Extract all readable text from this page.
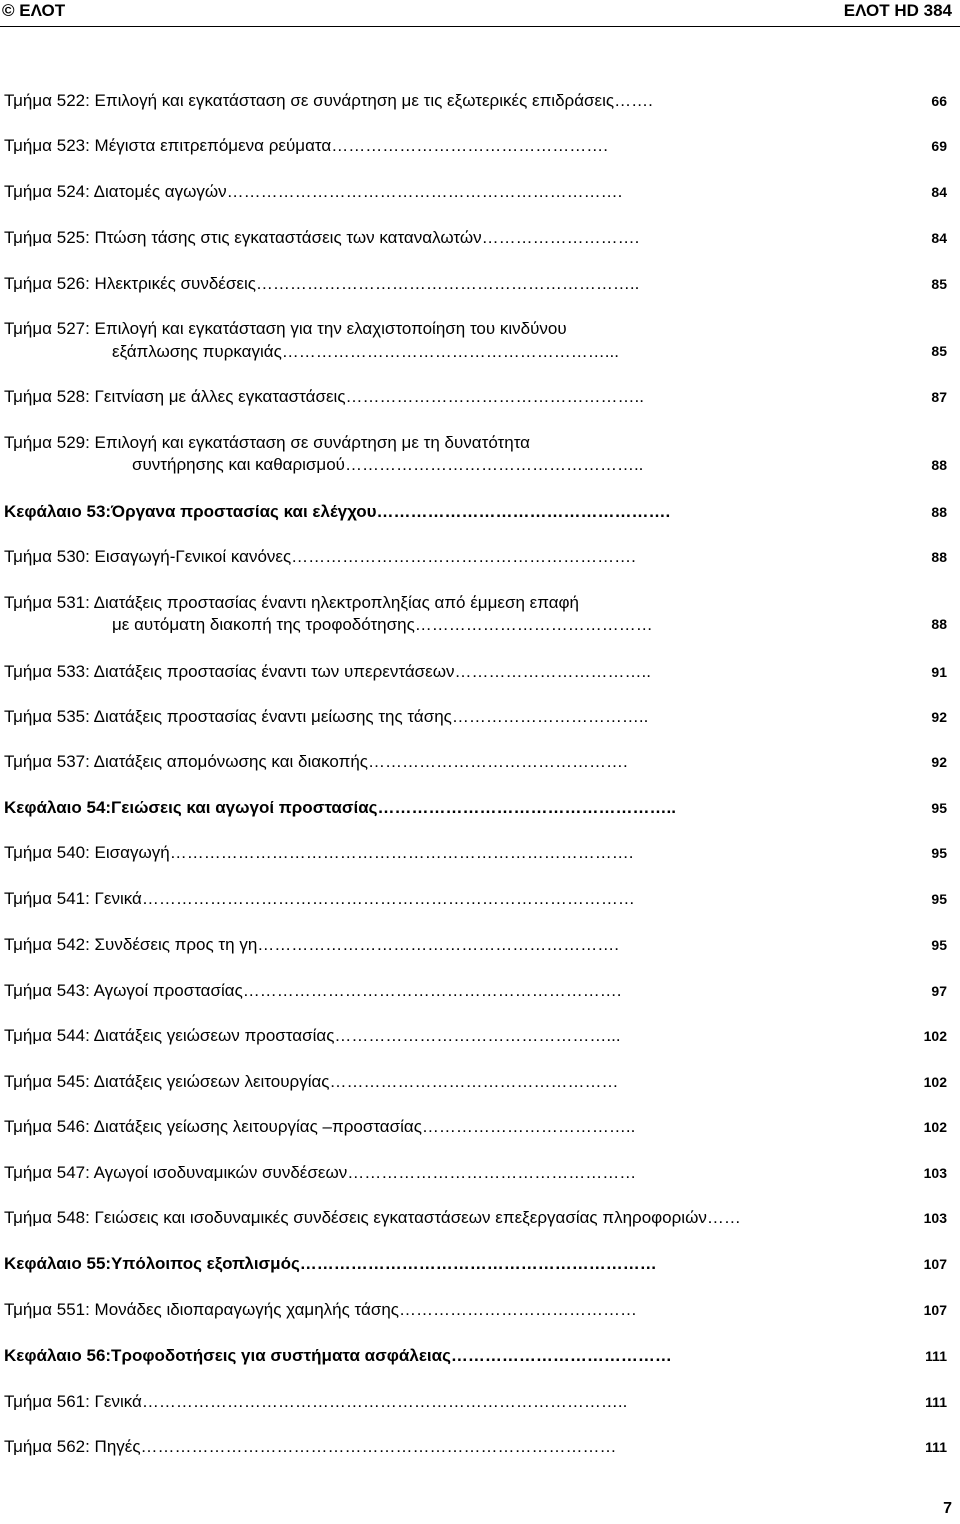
© ΕΛΟΤ	ΕΛΟΤ HD 384
Τμήμα 522: Επιλογή και εγκατάσταση σε συνάρτηση με τις εξωτερικές επιδράσεις…….	66
Τμήμα 523: Μέγιστα επιτρεπόμενα ρεύματα………………………………………….	69
Τμήμα 524: Διατομές αγωγών…………………………………………………………….	84
Τμήμα 525: Πτώση τάσης στις εγκαταστάσεις των καταναλωτών……………………….	84
Τμήμα 526: Ηλεκτρικές συνδέσεις…………………………………………………………..	85
Τμήμα 527: Επιλογή και εγκατάσταση για την ελαχιστοποίηση του κινδύνου
εξάπλωσης πυρκαγιάς…………………………………………………...	85
Τμήμα 528: Γειτνίαση με άλλες εγκαταστάσεις……………………………………………..	87
Τμήμα 529: Επιλογή και εγκατάσταση σε συνάρτηση με τη δυνατότητα
συντήρησης και καθαρισμού……………………………………………..	88
Κεφάλαιο 53:Όργανα προστασίας και ελέγχου…………………………………………….	88
Τμήμα 530: Εισαγωγή-Γενικοί κανόνες…………………………………………………….	88
Τμήμα 531: Διατάξεις προστασίας έναντι ηλεκτροπληξίας από έμμεση επαφή
με αυτόματη διακοπή της τροφοδότησης……………………………………	88
Τμήμα 533: Διατάξεις προστασίας έναντι των υπερεντάσεων……………………………..	91
Τμήμα 535: Διατάξεις προστασίας έναντι μείωσης της τάσης……………………………..	92
Τμήμα 537: Διατάξεις απομόνωσης και διακοπής……………………………………….	92
Κεφάλαιο 54:Γειώσεις και αγωγοί προστασίας……………………………………………..	95
Τμήμα 540: Εισαγωγή……………………………………………………………………….	95
Τμήμα 541: Γενικά……………………………………………………………………………	95
Τμήμα 542: Συνδέσεις προς τη γη……………………………………………………….	95
Τμήμα 543: Αγωγοί προστασίας………………………………………………………….	97
Τμήμα 544: Διατάξεις γειώσεων προστασίας…………………………………………...	102
Τμήμα 545: Διατάξεις γειώσεων λειτουργίας……………………………………………	102
Τμήμα 546: Διατάξεις γείωσης λειτουργίας –προστασίας………………………………..	102
Τμήμα 547: Αγωγοί ισοδυναμικών συνδέσεων……………………………………………	103
Τμήμα 548: Γειώσεις και ισοδυναμικές συνδέσεις εγκαταστάσεων επεξεργασίας πληροφοριών……	103
Κεφάλαιο 55:Υπόλοιπος εξοπλισμός………………………………………………………	107
Τμήμα 551: Μονάδες ιδιοπαραγωγής χαμηλής τάσης……………………………………	107
Κεφάλαιο 56:Τροφοδοτήσεις για συστήματα ασφάλειας…………………………………	111
Τμήμα 561: Γενικά…………………………………………………………………………..	111
Τμήμα 562: Πηγές…………………………………………………………………………	111
7
